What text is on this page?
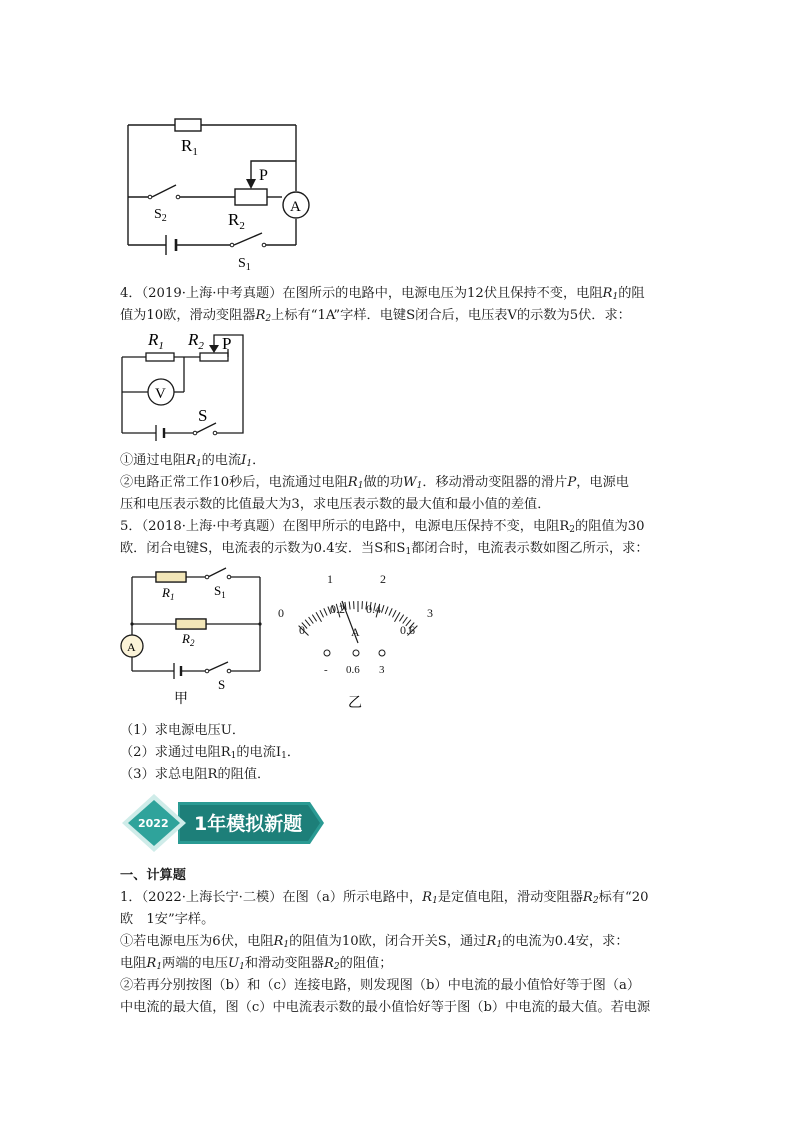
$R_1$
P
$S_2$	$R_2$
A
$S_1$
4．（2019·上海·中考真题）在图所示的电路中，电源电压为12伏且保持不变，电阻$R_1$的阻
值为10欧，滑动变阻器$R_2$上标有“1A”字样．电键S闭合后，电压表V的示数为5伏．求：
$R_1$ $R_2$ P
V
S
①通过电阻$R_1$的电流$I_1$．
②电路正常工作10秒后，电流通过电阻$R_1$做的功$W_1$．移动滑动变阻器的滑片P，电源电
压和电压表示数的比值最大为3，求电压表示数的最大值和最小值的差值．
5．（2018·上海·中考真题）在图甲所示的电路中，电源电压保持不变，电阻$R_2$的阻值为30
欧．闭合电键S，电流表的示数为0.4安．当S和$S_1$都闭合时，电流表示数如图乙所示，求：
$R_1$	$S_1$
$R_2$
A
S
甲
0
1	2
3
0
0.2 0.4
0.6
A
- 0.6 3
乙
（1）求电源电压U．
（2）求通过电阻$R_1$的电流$I_1$．
（3）求总电阻R的阻值．
2022 1年模拟新题
一、计算题
1．（2022·上海长宁·二模）在图（a）所示电路中，$R_1$是定值电阻，滑动变阻器$R_2$标有“20
欧　1安”字样。
①若电源电压为6伏，电阻$R_1$的阻值为10欧，闭合开关S，通过$R_1$的电流为0.4安，求：
电阻$R_1$两端的电压$U_1$和滑动变阻器$R_2$的阻值；
②若再分别按图（b）和（c）连接电路，则发现图（b）中电流的最小值恰好等于图（a）
中电流的最大值，图（c）中电流表示数的最小值恰好等于图（b）中电流的最大值。若电源
